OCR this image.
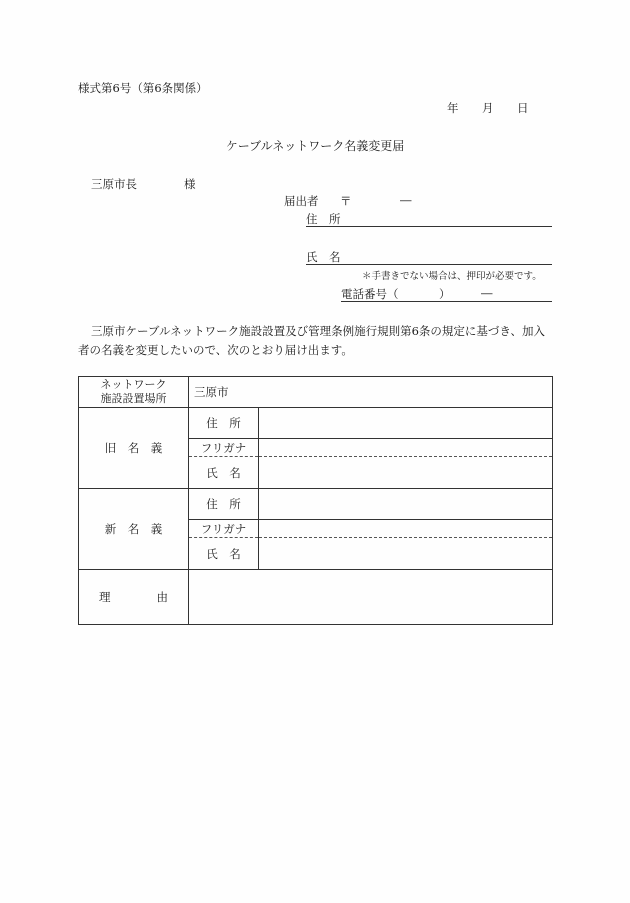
様式第6号（第6条関係）
年 月 日
ケーブルネットワーク名義変更届
三原市長	様
届出者 〒	―
住　所
氏　名
＊手書きでない場合は、押印が必要です。
電話番号（	）	―
三原市ケーブルネットワーク施設設置及び管理条例施行規則第6条の規定に基づき、加入
者の名義を変更したいので、次のとおり届け出ます。
ネットワーク
施設設置場所	三原市	

旧　名　義	住　所	

	フリガナ	

	氏　名	

新　名　義	住　所	

	フリガナ	

	氏　名	

理　　　　由		
